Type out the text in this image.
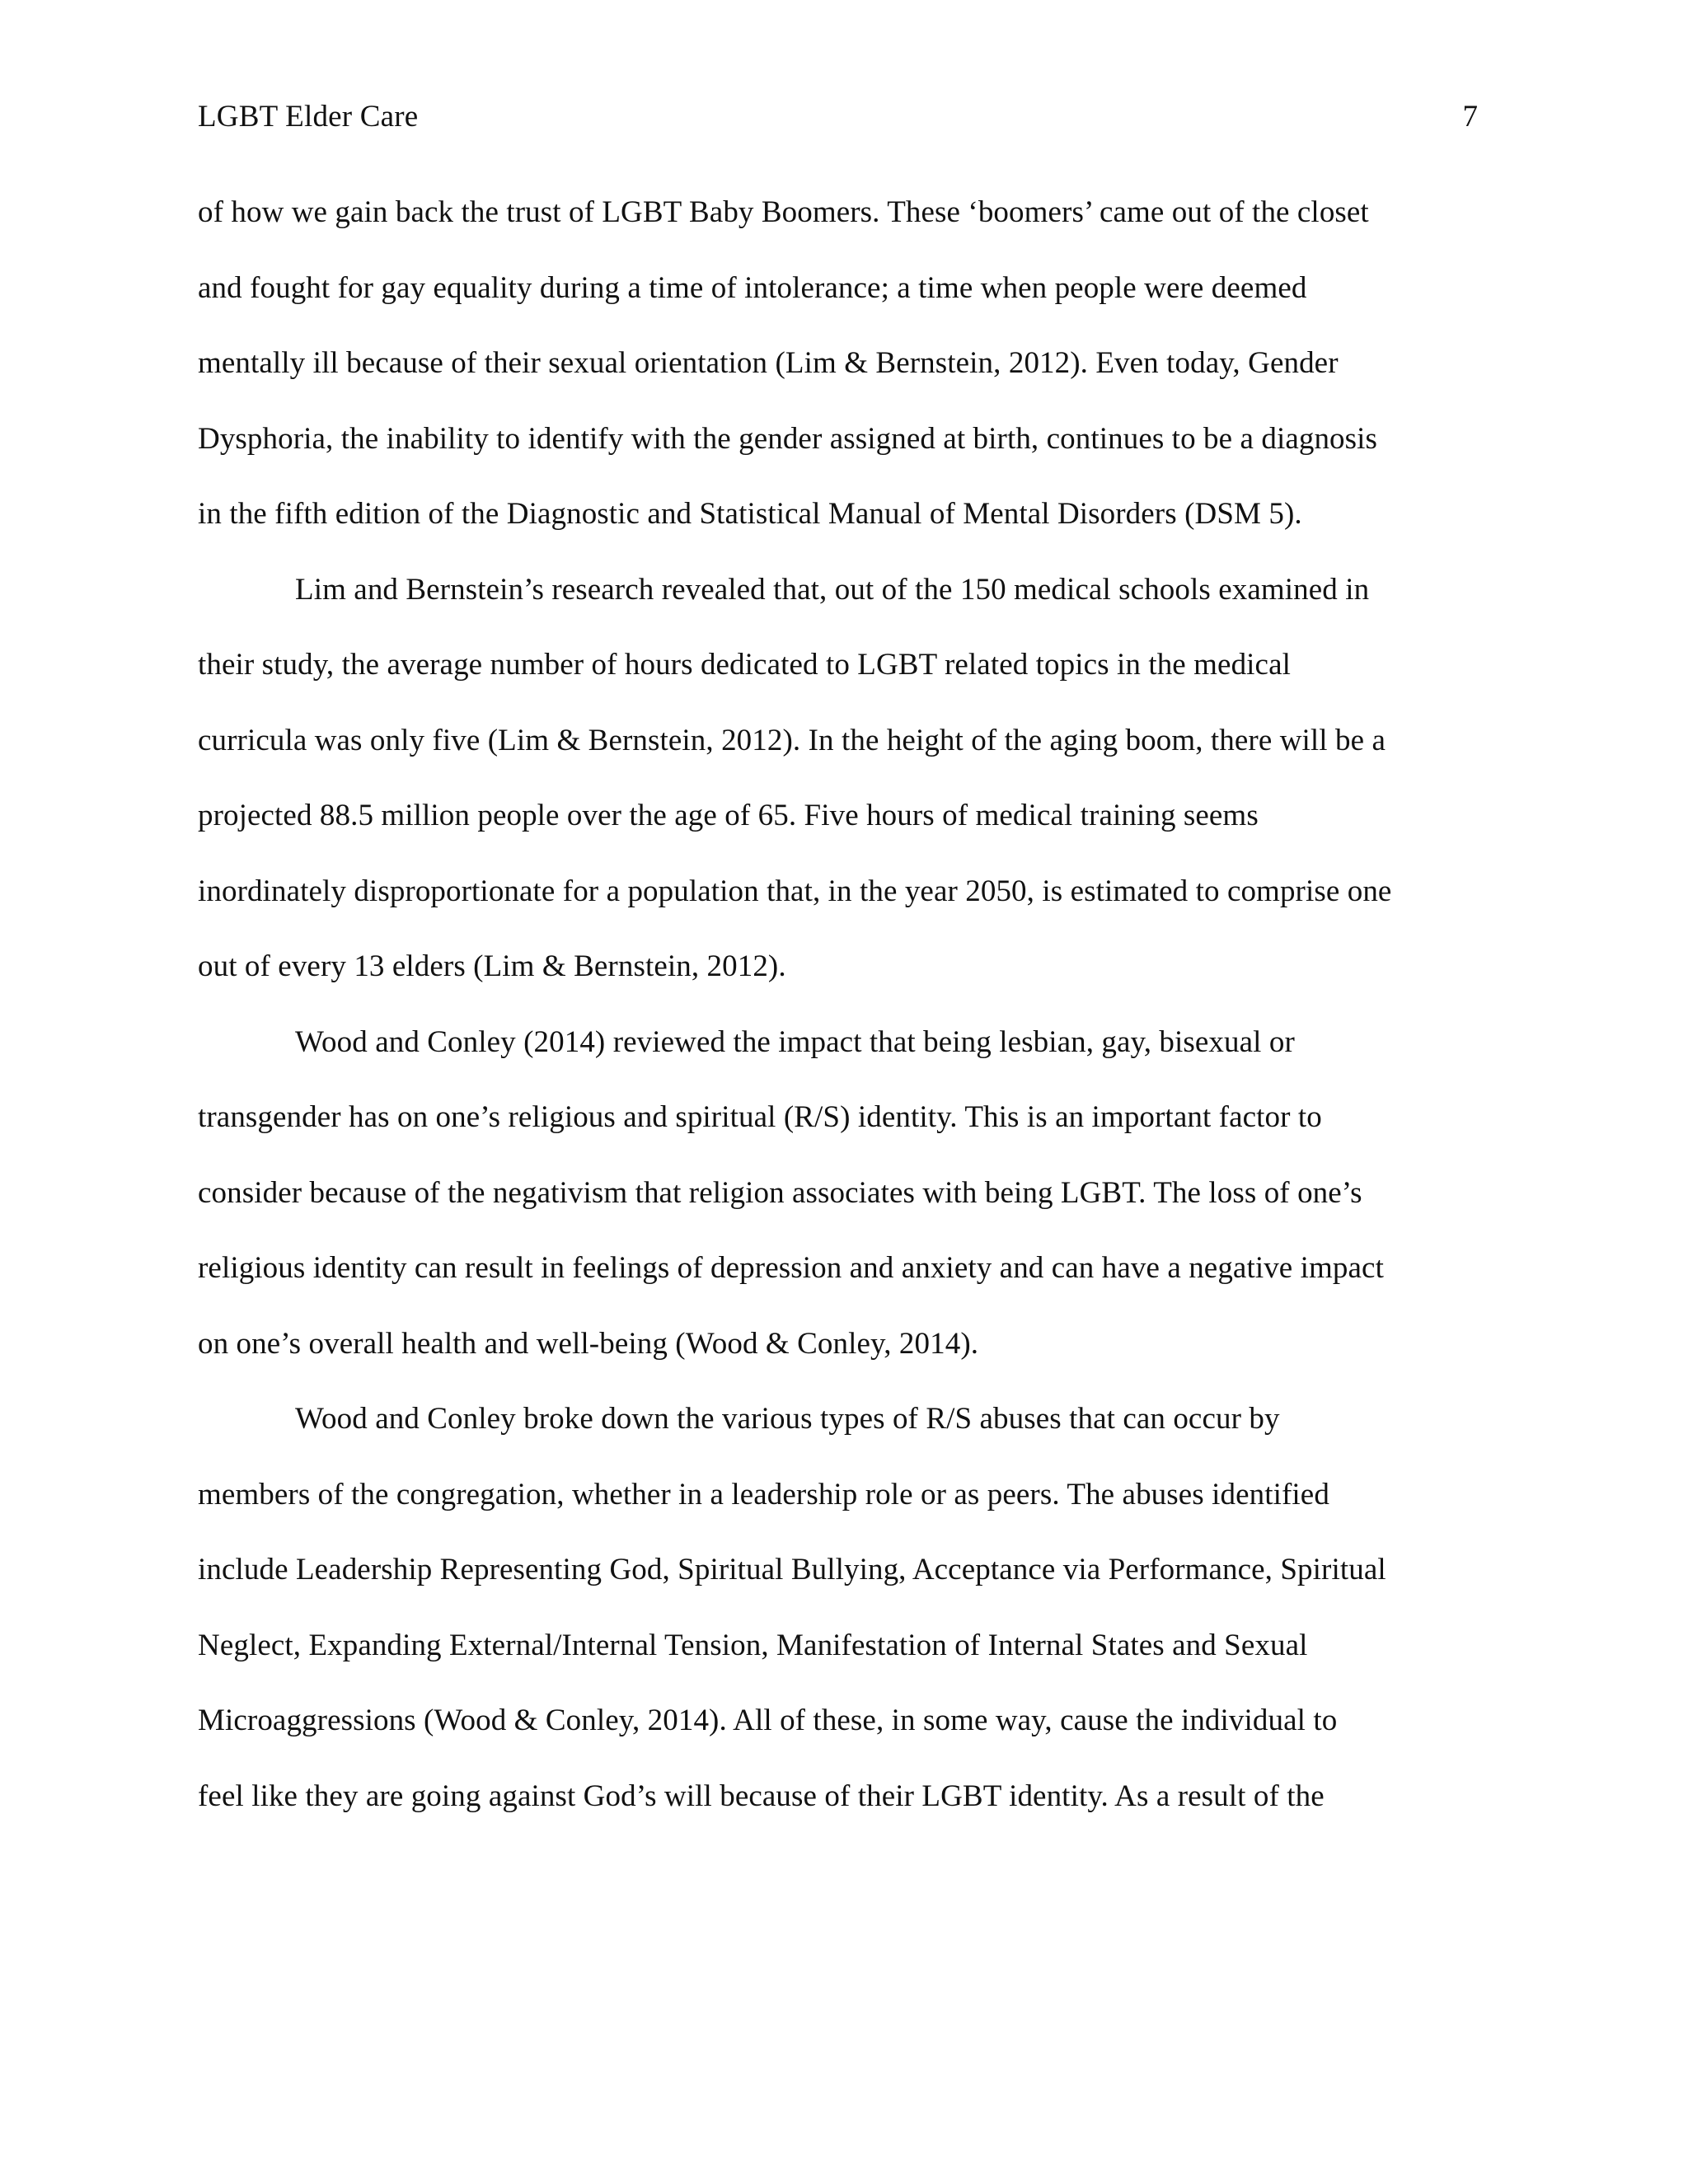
LGBT Elder Care	7
of how we gain back the trust of LGBT Baby Boomers. These ‘boomers’ came out of the closet
and fought for gay equality during a time of intolerance; a time when people were deemed
mentally ill because of their sexual orientation (Lim & Bernstein, 2012). Even today, Gender
Dysphoria, the inability to identify with the gender assigned at birth, continues to be a diagnosis
in the fifth edition of the Diagnostic and Statistical Manual of Mental Disorders (DSM 5).
Lim and Bernstein’s research revealed that, out of the 150 medical schools examined in
their study, the average number of hours dedicated to LGBT related topics in the medical
curricula was only five (Lim & Bernstein, 2012). In the height of the aging boom, there will be a
projected 88.5 million people over the age of 65. Five hours of medical training seems
inordinately disproportionate for a population that, in the year 2050, is estimated to comprise one
out of every 13 elders (Lim & Bernstein, 2012).
Wood and Conley (2014) reviewed the impact that being lesbian, gay, bisexual or
transgender has on one’s religious and spiritual (R/S) identity. This is an important factor to
consider because of the negativism that religion associates with being LGBT. The loss of one’s
religious identity can result in feelings of depression and anxiety and can have a negative impact
on one’s overall health and well-being (Wood & Conley, 2014).
Wood and Conley broke down the various types of R/S abuses that can occur by
members of the congregation, whether in a leadership role or as peers. The abuses identified
include Leadership Representing God, Spiritual Bullying, Acceptance via Performance, Spiritual
Neglect, Expanding External/Internal Tension, Manifestation of Internal States and Sexual
Microaggressions (Wood & Conley, 2014). All of these, in some way, cause the individual to
feel like they are going against God’s will because of their LGBT identity. As a result of the
